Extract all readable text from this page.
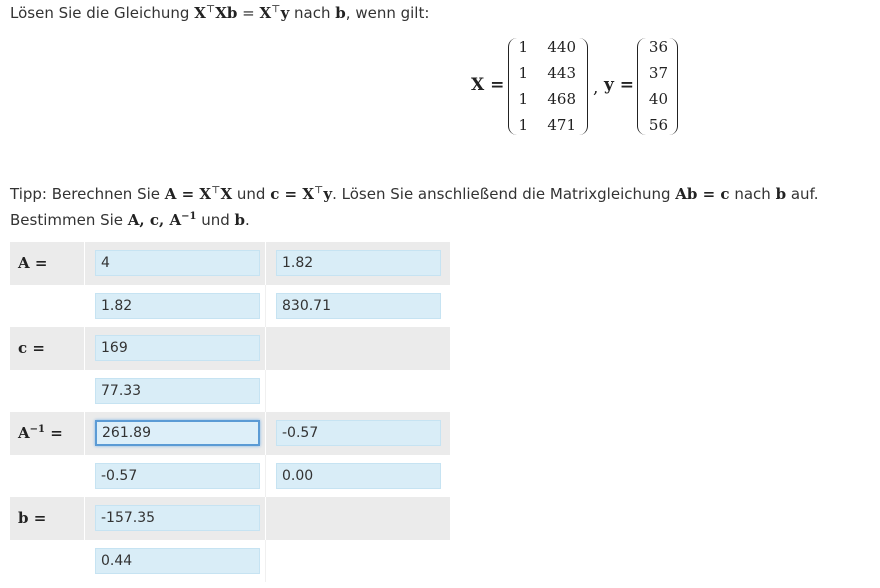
Lösen Sie die Gleichung X⊤Xb = X⊤y nach b, wenn gilt:
X =
1	440
1	443
1	468
1	471
, y =
36
37
40
56
Tipp: Berechnen Sie A = X⊤X und c = X⊤y. Lösen Sie anschließend die Matrixgleichung Ab = c nach b auf.
Bestimmen Sie A, c, $A^{-1}$ und b.
A =	
4	
1.82

1.82	
830.71
c =	
169	

77.33	
$A^{-1}$ =	
261.89	
-0.57

-0.57	
0.00
b =	
-157.35	

0.44	
